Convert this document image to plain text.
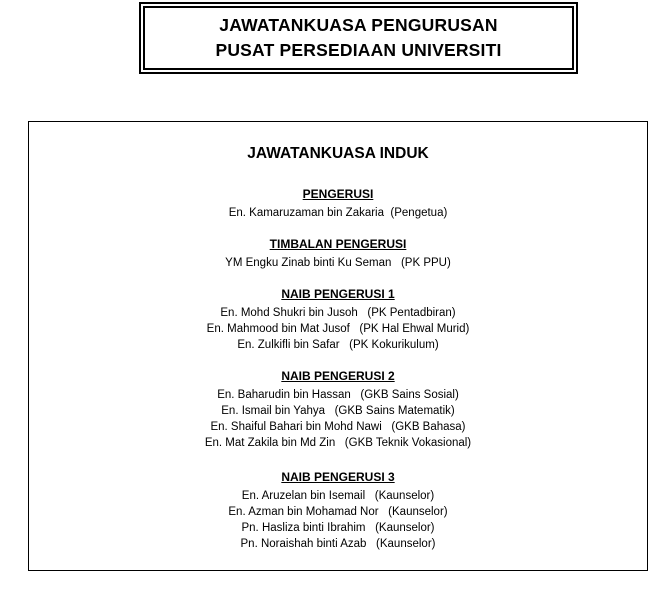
JAWATANKUASA PENGURUSAN
PUSAT PERSEDIAAN UNIVERSITI
JAWATANKUASA INDUK
PENGERUSI
En. Kamaruzaman bin Zakaria  (Pengetua)
TIMBALAN PENGERUSI
YM Engku Zinab binti Ku Seman   (PK PPU)
NAIB PENGERUSI 1
En. Mohd Shukri bin Jusoh   (PK Pentadbiran)
En. Mahmood bin Mat Jusof   (PK Hal Ehwal Murid)
En. Zulkifli bin Safar   (PK Kokurikulum)
NAIB PENGERUSI 2
En. Baharudin bin Hassan   (GKB Sains Sosial)
En. Ismail bin Yahya   (GKB Sains Matematik)
En. Shaiful Bahari bin Mohd Nawi   (GKB Bahasa)
En. Mat Zakila bin Md Zin   (GKB Teknik Vokasional)
NAIB PENGERUSI 3
En. Aruzelan bin Isemail   (Kaunselor)
En. Azman bin Mohamad Nor   (Kaunselor)
Pn. Hasliza binti Ibrahim   (Kaunselor)
Pn. Noraishah binti Azab   (Kaunselor)
